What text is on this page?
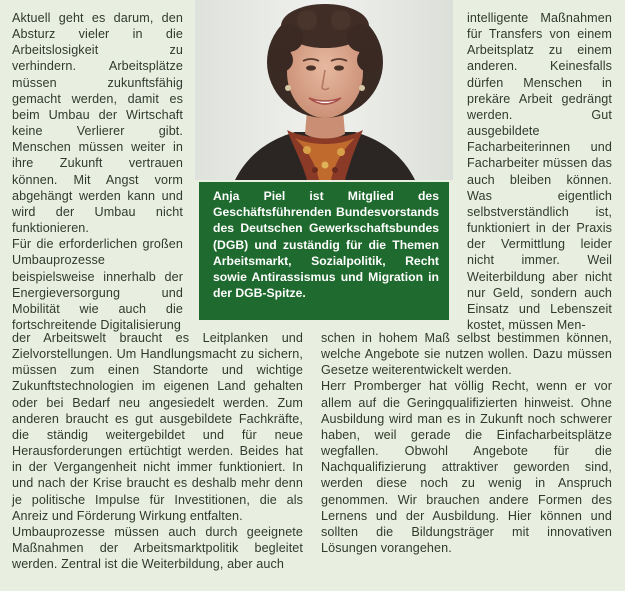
Aktuell geht es darum, den Absturz vieler in die Arbeitslosigkeit zu verhindern. Arbeitsplätze müssen zukunftsfähig gemacht werden, damit es beim Umbau der Wirtschaft keine Verlierer gibt. Menschen müssen weiter in ihre Zukunft vertrauen können. Mit Angst vorm abgehängt werden kann und wird der Umbau nicht funktionieren.

Für die erforderlichen großen Umbauprozesse beispielsweise innerhalb der Energieversorgung und Mobilität wie auch die fortschreitende Digitalisierung

Anja Piel ist Mitglied des Geschäftsführenden Bundesvorstands des Deutschen Gewerkschaftsbundes (DGB) und zuständig für die Themen Arbeitsmarkt, Sozialpolitik, Recht sowie Antirassismus und Migration in der DGB-Spitze.

intelligente Maßnahmen für Transfers von einem Arbeitsplatz zu einem anderen. Keinesfalls dürfen Menschen in prekäre Arbeit gedrängt werden. Gut ausgebildete Facharbeiterinnen und Facharbeiter müssen das auch bleiben können. Was eigentlich selbstverständlich ist, funktioniert in der Praxis der Vermittlung leider nicht immer. Weil Weiterbildung aber nicht nur Geld, sondern auch Einsatz und Lebenszeit kostet, müssen Men-

der Arbeitswelt braucht es Leitplanken und Zielvorstellungen. Um Handlungsmacht zu sichern, müssen zum einen Standorte und wichtige Zukunftstechnologien im eigenen Land gehalten oder bei Bedarf neu angesiedelt werden. Zum anderen braucht es gut ausgebildete Fachkräfte, die ständig weitergebildet und für neue Herausforderungen ertüchtigt werden. Beides hat in der Vergangenheit nicht immer funktioniert. In und nach der Krise braucht es deshalb mehr denn je politische Impulse für Investitionen, die als Anreiz und Förderung Wirkung entfalten.

Umbauprozesse müssen auch durch geeignete Maßnahmen der Arbeitsmarktpolitik begleitet werden. Zentral ist die Weiterbildung, aber auch

schen in hohem Maß selbst bestimmen können, welche Angebote sie nutzen wollen. Dazu müssen Gesetze weiterentwickelt werden.

Herr Promberger hat völlig Recht, wenn er vor allem auf die Geringqualifizierten hinweist. Ohne Ausbildung wird man es in Zukunft noch schwerer haben, weil gerade die Einfacharbeitsplätze wegfallen. Obwohl Angebote für die Nachqualifizierung attraktiver geworden sind, werden diese noch zu wenig in Anspruch genommen. Wir brauchen andere Formen des Lernens und der Ausbildung. Hier können und sollten die Bildungsträger mit innovativen Lösungen vorangehen.
